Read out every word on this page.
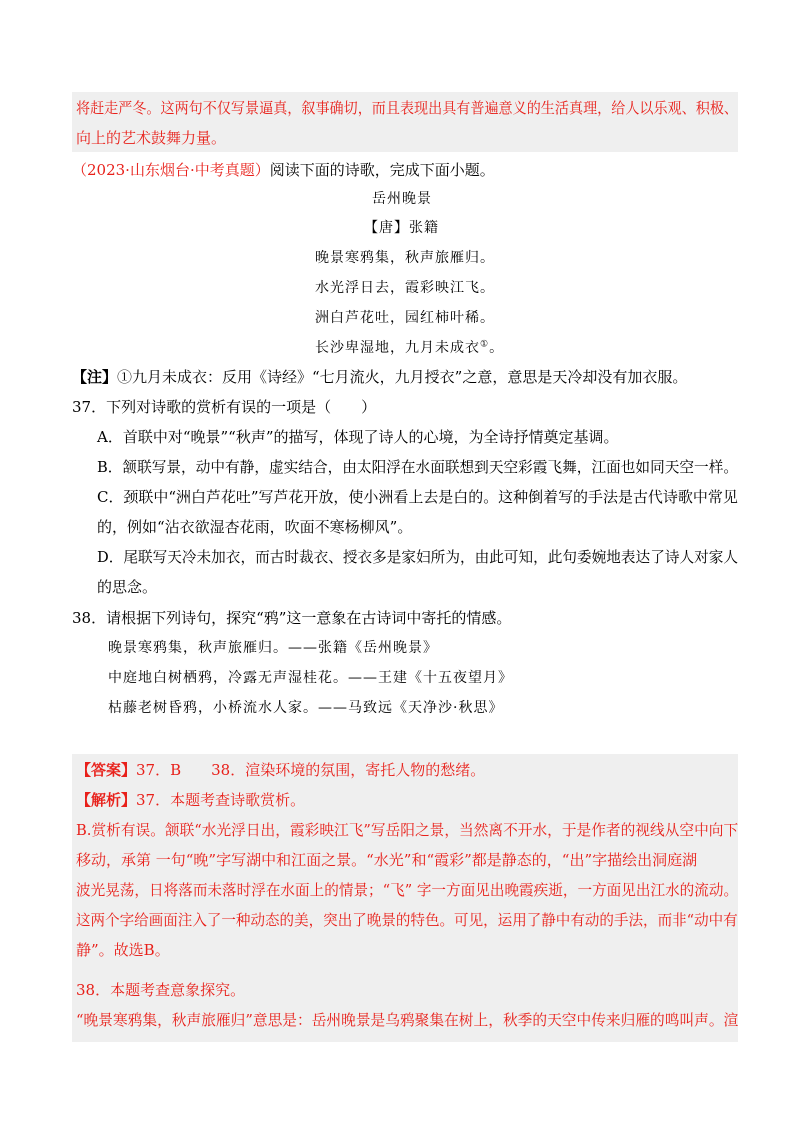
将赶走严冬。这两句不仅写景逼真，叙事确切，而且表现出具有普遍意义的生活真理，给人以乐观、积极、
向上的艺术鼓舞力量。
（2023·山东烟台·中考真题）阅读下面的诗歌，完成下面小题。
岳州晚景
【唐】张籍
晚景寒鸦集，秋声旅雁归。
水光浮日去，霞彩映江飞。
洲白芦花吐，园红柿叶稀。
长沙卑湿地，九月未成衣①。
【注】①九月未成衣：反用《诗经》“七月流火，九月授衣”之意，意思是天冷却没有加衣服。
37．下列对诗歌的赏析有误的一项是（　　）
A．首联中对“晚景”“秋声”的描写，体现了诗人的心境，为全诗抒情奠定基调。
B．颔联写景，动中有静，虚实结合，由太阳浮在水面联想到天空彩霞飞舞，江面也如同天空一样。
C．颈联中“洲白芦花吐”写芦花开放，使小洲看上去是白的。这种倒着写的手法是古代诗歌中常见
的，例如“沾衣欲湿杏花雨，吹面不寒杨柳风”。
D．尾联写天冷未加衣，而古时裁衣、授衣多是家妇所为，由此可知，此句委婉地表达了诗人对家人
的思念。
38．请根据下列诗句，探究“鸦”这一意象在古诗词中寄托的情感。
晚景寒鸦集，秋声旅雁归。——张籍《岳州晚景》
中庭地白树栖鸦，冷露无声湿桂花。——王建《十五夜望月》
枯藤老树昏鸦，小桥流水人家。——马致远《天净沙·秋思》
【答案】37．B　　38．渲染环境的氛围，寄托人物的愁绪。
【解析】37．本题考查诗歌赏析。
B.赏析有误。颔联“水光浮日出，霞彩映江飞”写岳阳之景，当然离不开水，于是作者的视线从空中向下
移动，承第 一句“晚”字写湖中和江面之景。“水光”和“霞彩”都是静态的，“出”字描绘出洞庭湖
波光晃荡，日将落而未落时浮在水面上的情景；“飞” 字一方面见出晚霞疾逝，一方面见出江水的流动。
这两个字给画面注入了一种动态的美，突出了晚景的特色。可见，运用了静中有动的手法，而非“动中有
静”。故选B。
38．本题考查意象探究。
“晚景寒鸦集，秋声旅雁归”意思是：岳州晚景是乌鸦聚集在树上，秋季的天空中传来归雁的鸣叫声。渲
